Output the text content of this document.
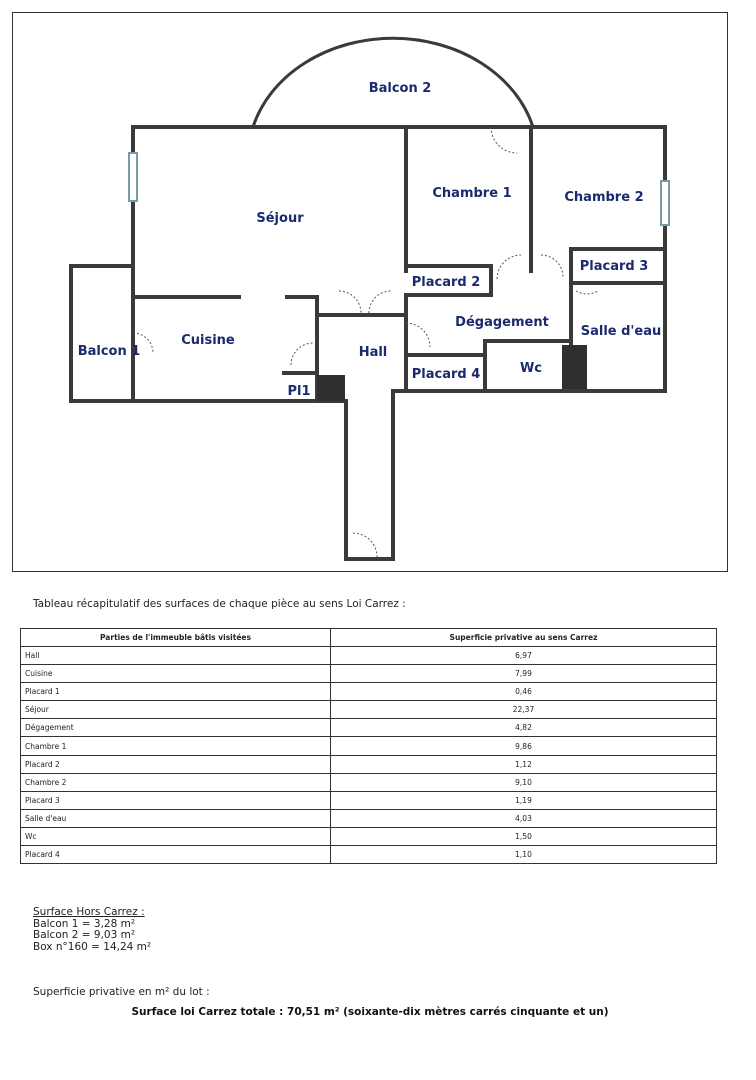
Balcon 2
Chambre 1	Chambre 2
Séjour
Placard 3
Placard 2
Dégagement
Salle d'eau
Balcon 1
Cuisine
Hall
Placard 4	Wc
Pl1
Tableau récapitulatif des surfaces de chaque pièce au sens Loi Carrez :
Parties de l'immeuble bâtis visitées	Superficie privative au sens Carrez
Hall	6,97
Cuisine	7,99
Placard 1	0,46
Séjour	22,37
Dégagement	4,82
Chambre 1	9,86
Placard 2	1,12
Chambre 2	9,10
Placard 3	1,19
Salle d'eau	4,03
Wc	1,50
Placard 4	1,10
Surface Hors Carrez :
Balcon 1 = 3,28 m²
Balcon 2 = 9,03 m²
Box n°160 = 14,24 m²
Superficie privative en m² du lot :
Surface loi Carrez totale : 70,51 m² (soixante-dix mètres carrés cinquante et un)
